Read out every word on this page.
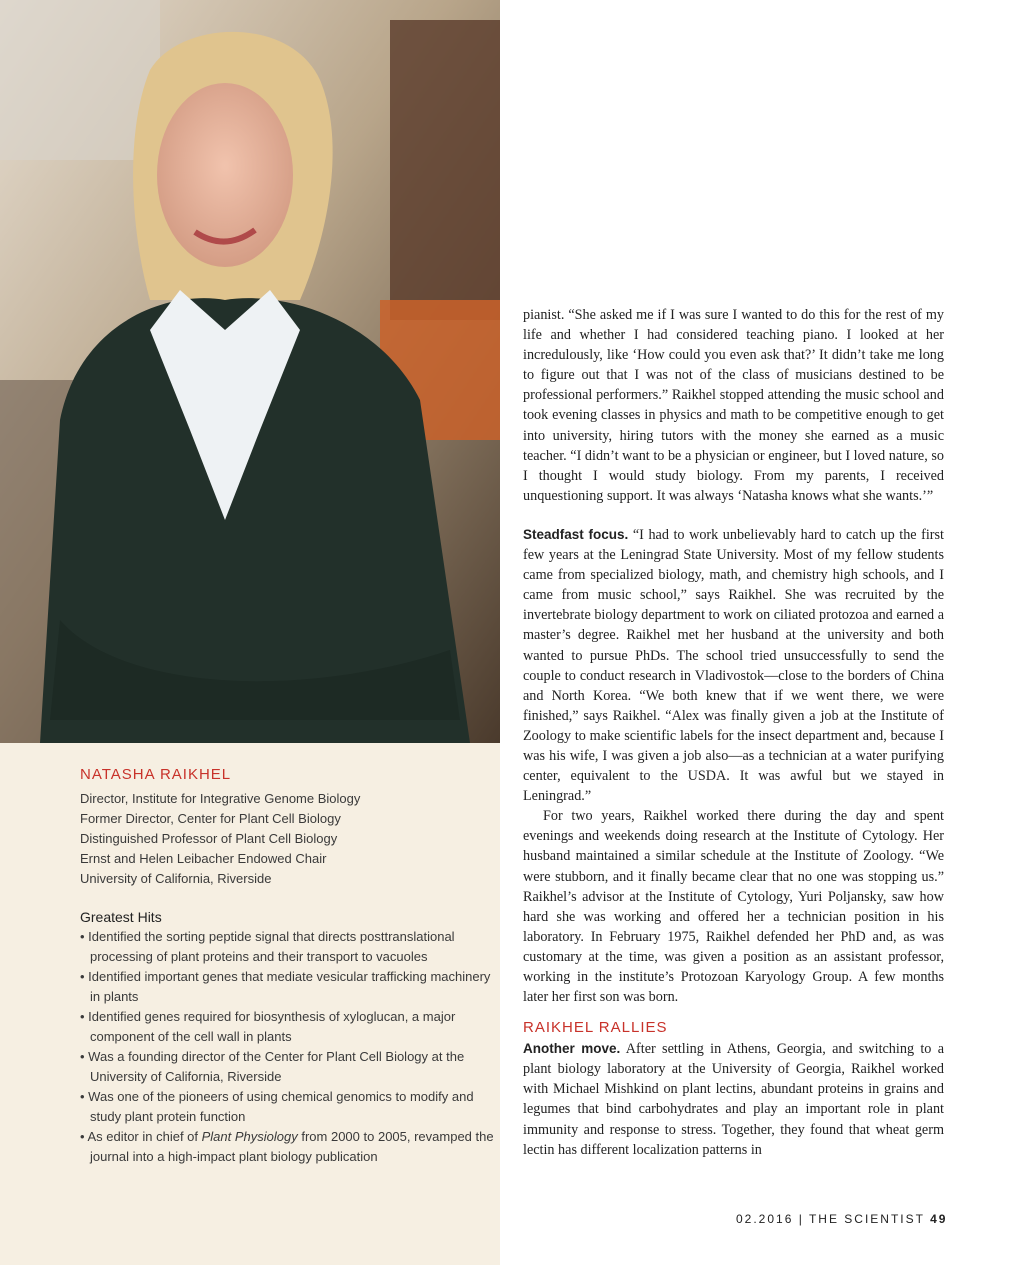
NATASHA RAIKHEL
Director, Institute for Integrative Genome Biology
Former Director, Center for Plant Cell Biology
Distinguished Professor of Plant Cell Biology
Ernst and Helen Leibacher Endowed Chair
University of California, Riverside
Greatest Hits
• Identified the sorting peptide signal that directs posttranslational processing of plant proteins and their transport to vacuoles
• Identified important genes that mediate vesicular trafficking machinery in plants
• Identified genes required for biosynthesis of xyloglucan, a major component of the cell wall in plants
• Was a founding director of the Center for Plant Cell Biology at the University of California, Riverside
• Was one of the pioneers of using chemical genomics to modify and study plant protein function
• As editor in chief of Plant Physiology from 2000 to 2005, revamped the journal into a high-impact plant biology publication

pianist. “She asked me if I was sure I wanted to do this for the rest of my life and whether I had considered teaching piano. I looked at her incredulously, like ‘How could you even ask that?’ It didn’t take me long to figure out that I was not of the class of musicians destined to be professional performers.” Raikhel stopped attending the music school and took evening classes in physics and math to be competitive enough to get into university, hiring tutors with the money she earned as a music teacher. “I didn’t want to be a physician or engineer, but I loved nature, so I thought I would study biology. From my parents, I received unquestioning support. It was always ‘Natasha knows what she wants.’”

Steadfast focus. “I had to work unbelievably hard to catch up the first few years at the Leningrad State University. Most of my fellow students came from specialized biology, math, and chemistry high schools, and I came from music school,” says Raikhel. She was recruited by the invertebrate biology department to work on ciliated protozoa and earned a master’s degree. Raikhel met her husband at the university and both wanted to pursue PhDs. The school tried unsuccessfully to send the couple to conduct research in Vladivostok—close to the borders of China and North Korea. “We both knew that if we went there, we were finished,” says Raikhel. “Alex was finally given a job at the Institute of Zoology to make scientific labels for the insect department and, because I was his wife, I was given a job also—as a technician at a water purifying center, equivalent to the USDA. It was awful but we stayed in Leningrad.”

For two years, Raikhel worked there during the day and spent evenings and weekends doing research at the Institute of Cytology. Her husband maintained a similar schedule at the Institute of Zoology. “We were stubborn, and it finally became clear that no one was stopping us.” Raikhel’s advisor at the Institute of Cytology, Yuri Poljansky, saw how hard she was working and offered her a technician position in his laboratory. In February 1975, Raikhel defended her PhD and, as was customary at the time, was given a position as an assistant professor, working in the institute’s Protozoan Karyology Group. A few months later her first son was born.

RAIKHEL RALLIES

Another move. After settling in Athens, Georgia, and switching to a plant biology laboratory at the University of Georgia, Raikhel worked with Michael Mishkind on plant lectins, abundant proteins in grains and legumes that bind carbohydrates and play an important role in plant immunity and response to stress. Together, they found that wheat germ lectin has different localization patterns in

02.2016 | THE SCIENTIST 49
